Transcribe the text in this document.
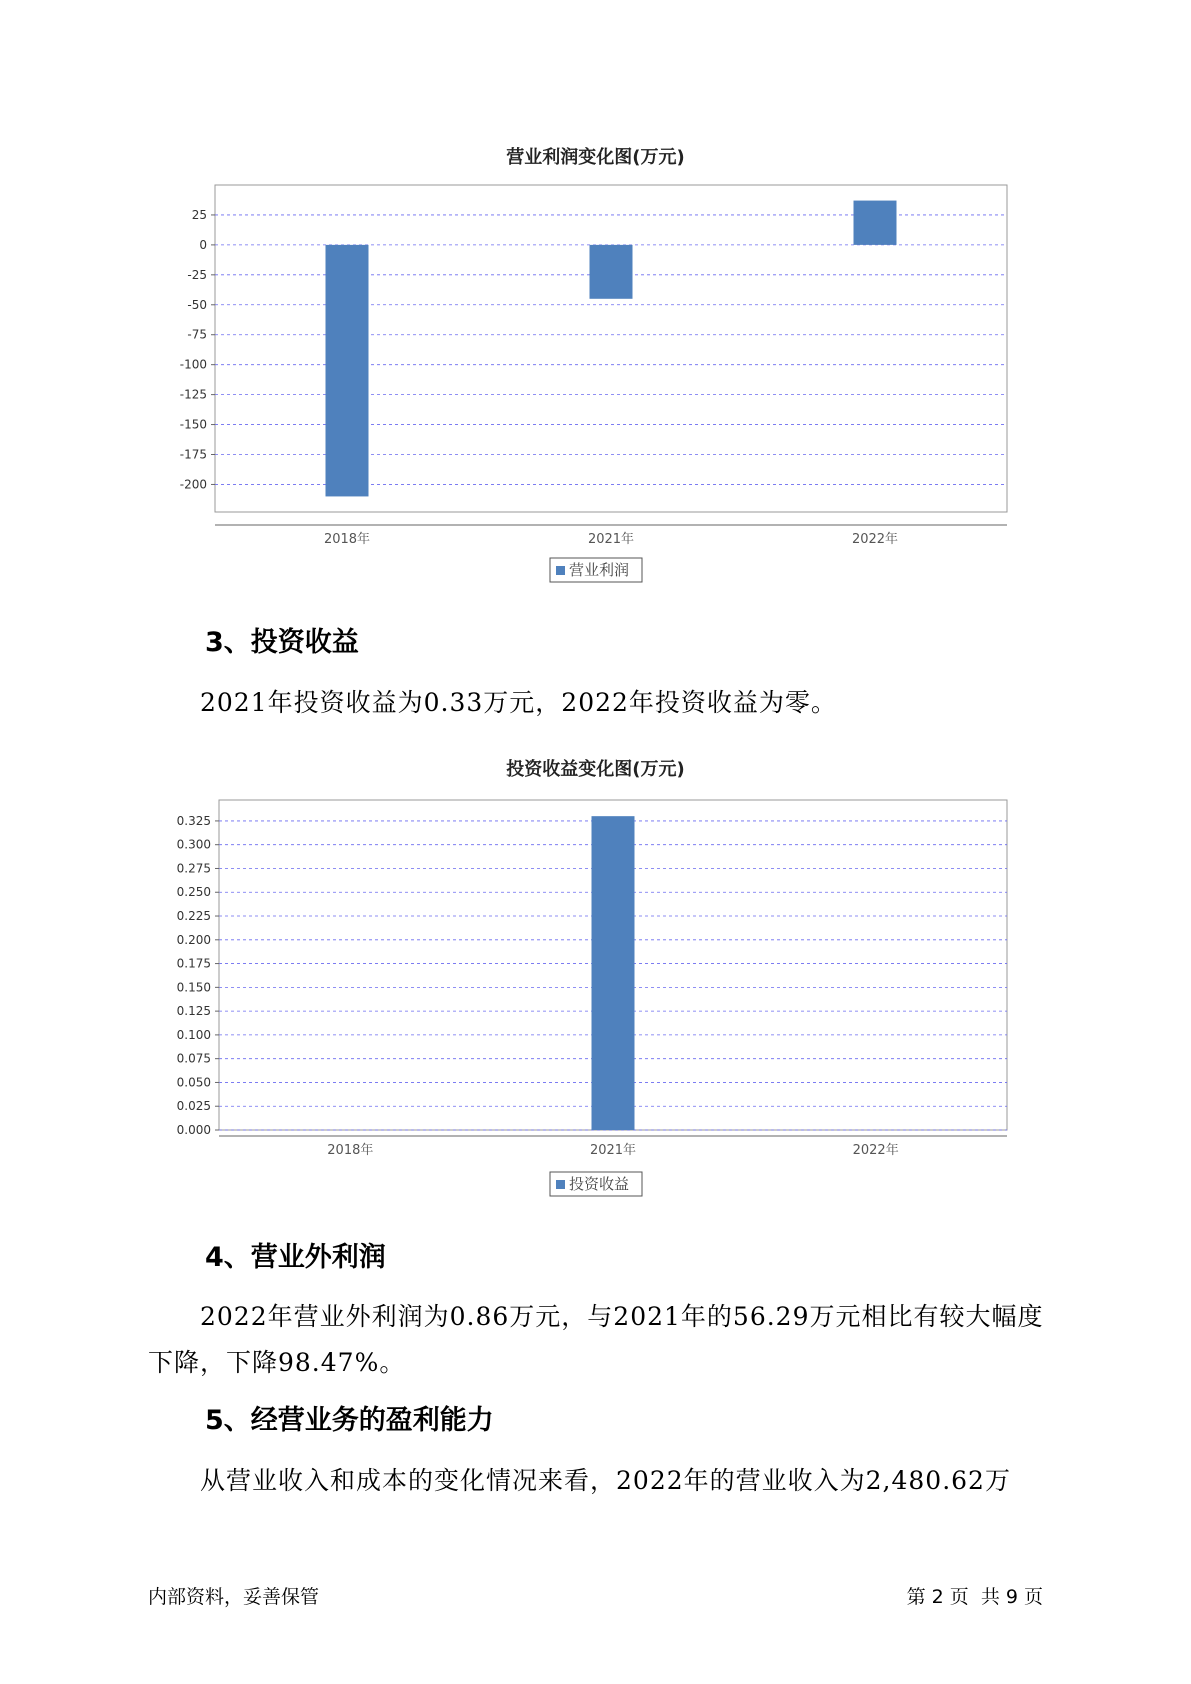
营业利润变化图(万元)
25
0
-25
-50
-75
-100
-125
-150
-175
-200
2018年	2021年	2022年
营业利润
3、投资收益
2021年投资收益为0.33万元，2022年投资收益为零。
投资收益变化图(万元)
0.325
0.300
0.275
0.250
0.225
0.200
0.175
0.150
0.125
0.100
0.075
0.050
0.025
0.000
2018年	2021年	2022年
投资收益
4、营业外利润
2022年营业外利润为0.86万元，与2021年的56.29万元相比有较大幅度
下降，下降98.47%。
5、经营业务的盈利能力
从营业收入和成本的变化情况来看，2022年的营业收入为2,480.62万
内部资料，妥善保管	第 2 页  共 9 页
